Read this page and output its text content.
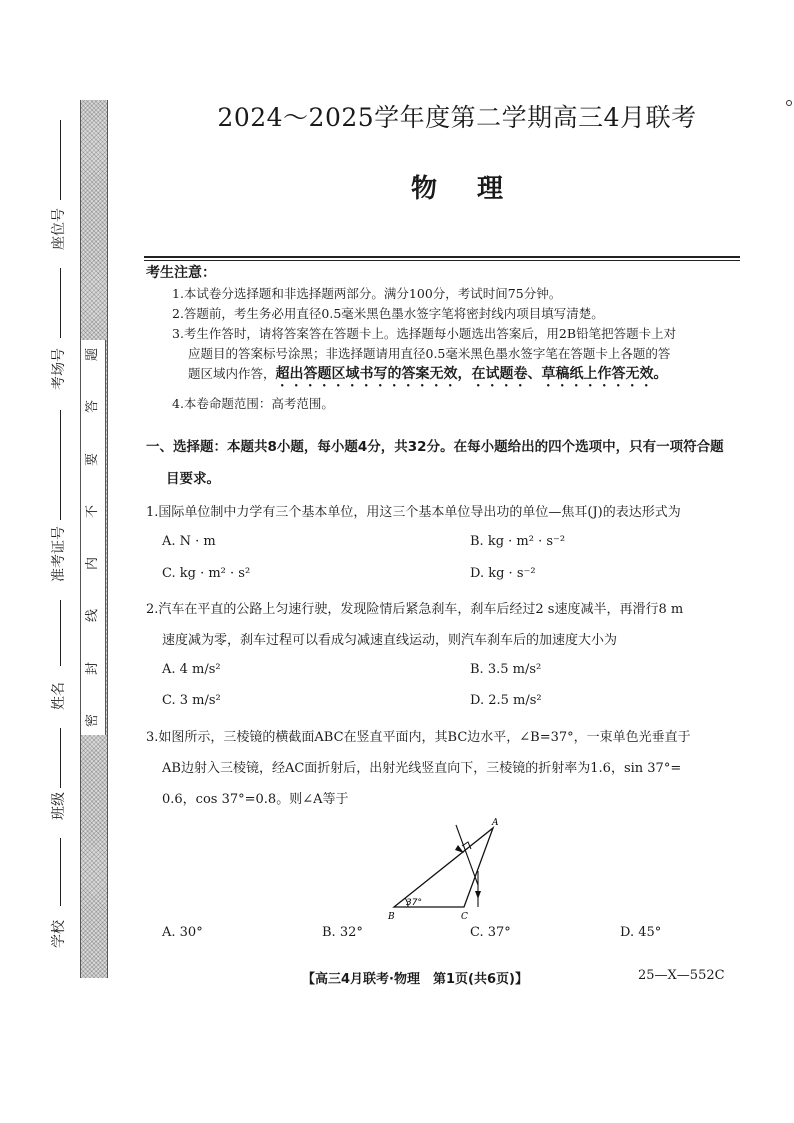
题
答
要
不
内
线
封
密
座位号
考场号
准考证号
姓名
班级
学校
2024～2025学年度第二学期高三4月联考
物理
考生注意：
1.本试卷分选择题和非选择题两部分。满分100分，考试时间75分钟。
2.答题前，考生务必用直径0.5毫米黑色墨水签字笔将密封线内项目填写清楚。
3.考生作答时，请将答案答在答题卡上。选择题每小题选出答案后，用2B铅笔把答题卡上对
应题目的答案标号涂黑；非选择题请用直径0.5毫米黑色墨水签字笔在答题卡上各题的答
题区域内作答，超出答题区域书写的答案无效，在试题卷、草稿纸上作答无效。
4.本卷命题范围：高考范围。
一、选择题：本题共8小题，每小题4分，共32分。在每小题给出的四个选项中，只有一项符合题
目要求。
1.国际单位制中力学有三个基本单位，用这三个基本单位导出功的单位—焦耳(J)的表达形式为
A. N · m	B. kg · m² · s⁻²
C. kg · m² · s²	D. kg · s⁻²
2.汽车在平直的公路上匀速行驶，发现险情后紧急刹车，刹车后经过2 s速度减半，再滑行8 m
速度减为零，刹车过程可以看成匀减速直线运动，则汽车刹车后的加速度大小为
A. 4 m/s²	B. 3.5 m/s²
C. 3 m/s²	D. 2.5 m/s²
3.如图所示，三棱镜的横截面ABC在竖直平面内，其BC边水平，∠B=37°，一束单色光垂直于
AB边射入三棱镜，经AC面折射后，出射光线竖直向下，三棱镜的折射率为1.6，sin 37°=
0.6，cos 37°=0.8。则∠A等于
37°
A
B	C
A. 30°	B. 32°	C. 37°	D. 45°
【高三4月联考·物理　第1页(共6页)】	25—X—552C
